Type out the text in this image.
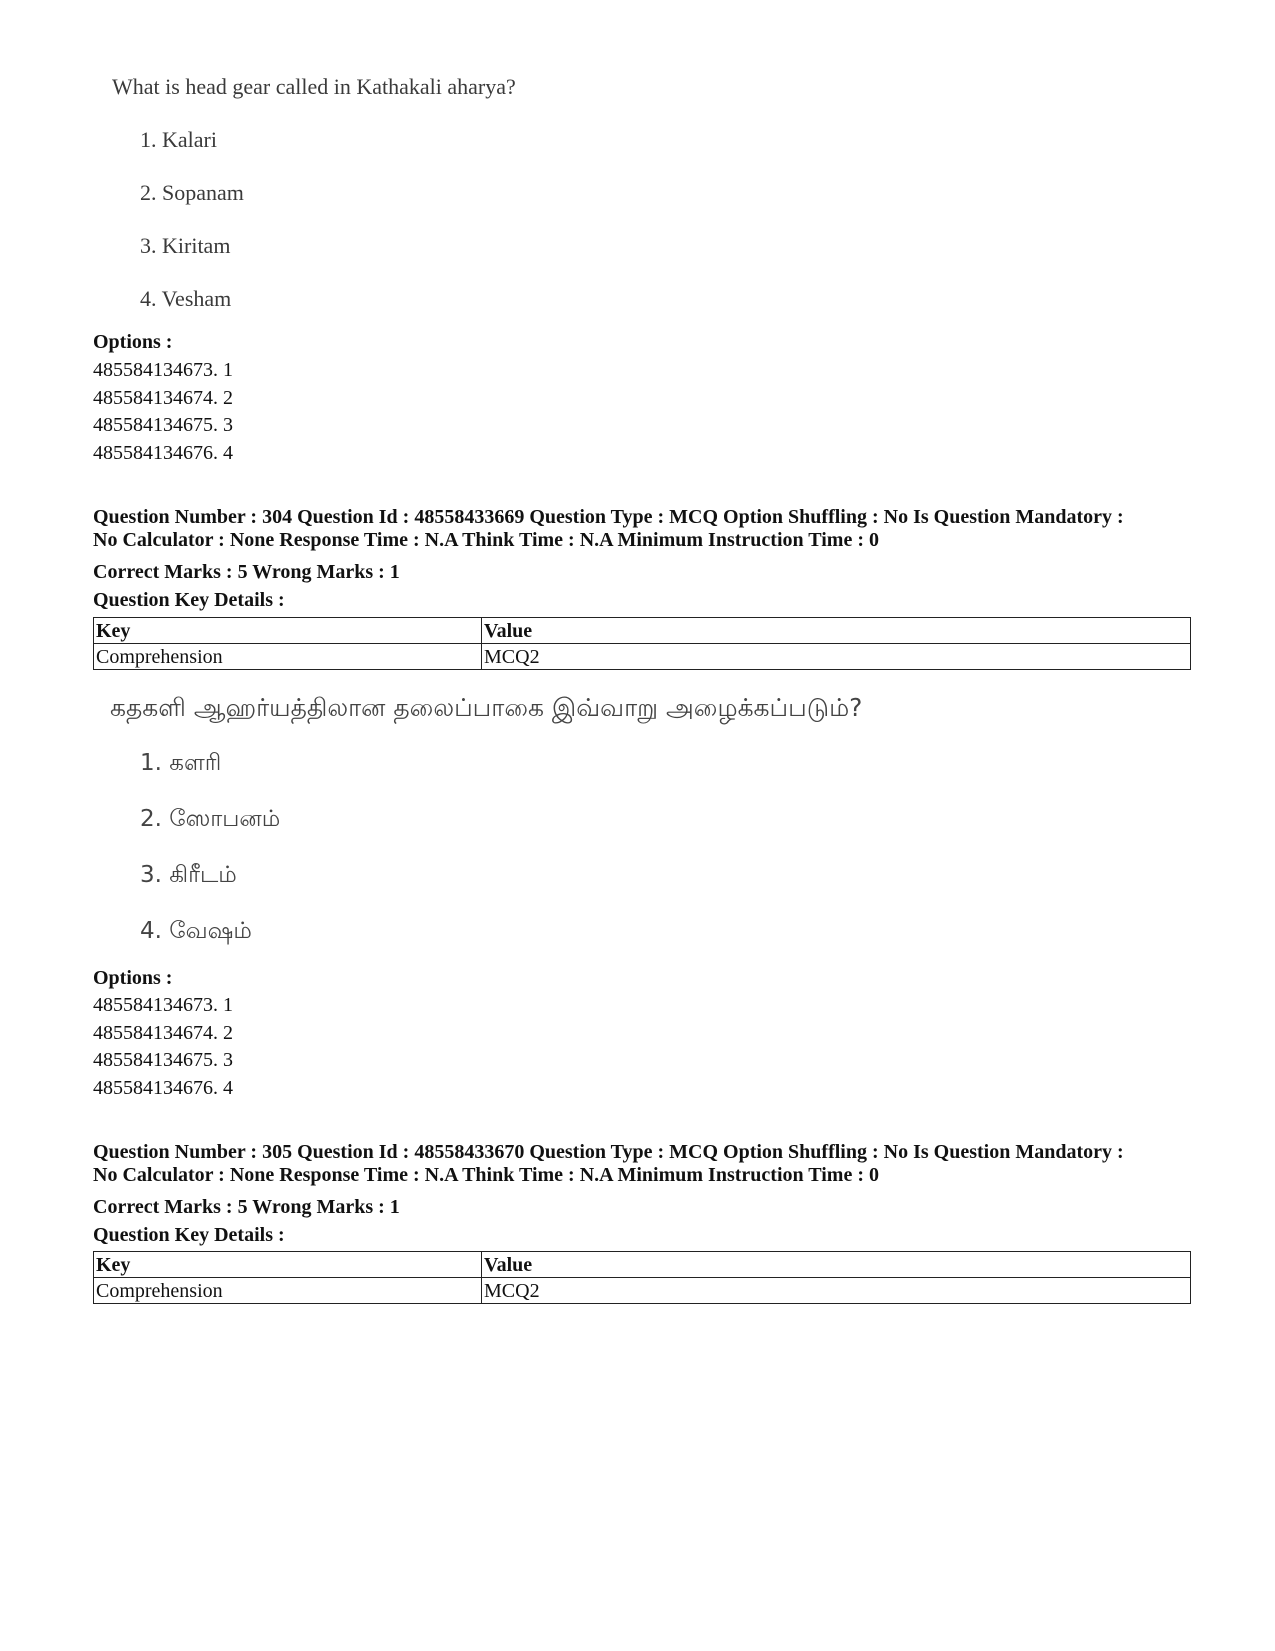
What is head gear called in Kathakali aharya?
1. Kalari
2. Sopanam
3. Kiritam
4. Vesham
Options :
485584134673. 1
485584134674. 2
485584134675. 3
485584134676. 4
Question Number : 304 Question Id : 48558433669 Question Type : MCQ Option Shuffling : No Is Question Mandatory :
No Calculator : None Response Time : N.A Think Time : N.A Minimum Instruction Time : 0
Correct Marks : 5 Wrong Marks : 1
Question Key Details :
Key	Value
Comprehension	MCQ2
கதகளி ஆஹர்யத்திலான தலைப்பாகை இவ்வாறு அழைக்கப்படும்?
1. களரி
2. ஸோபனம்
3. கிரீடம்
4. வேஷம்
Options :
485584134673. 1
485584134674. 2
485584134675. 3
485584134676. 4
Question Number : 305 Question Id : 48558433670 Question Type : MCQ Option Shuffling : No Is Question Mandatory :
No Calculator : None Response Time : N.A Think Time : N.A Minimum Instruction Time : 0
Correct Marks : 5 Wrong Marks : 1
Question Key Details :
Key	Value
Comprehension	MCQ2
